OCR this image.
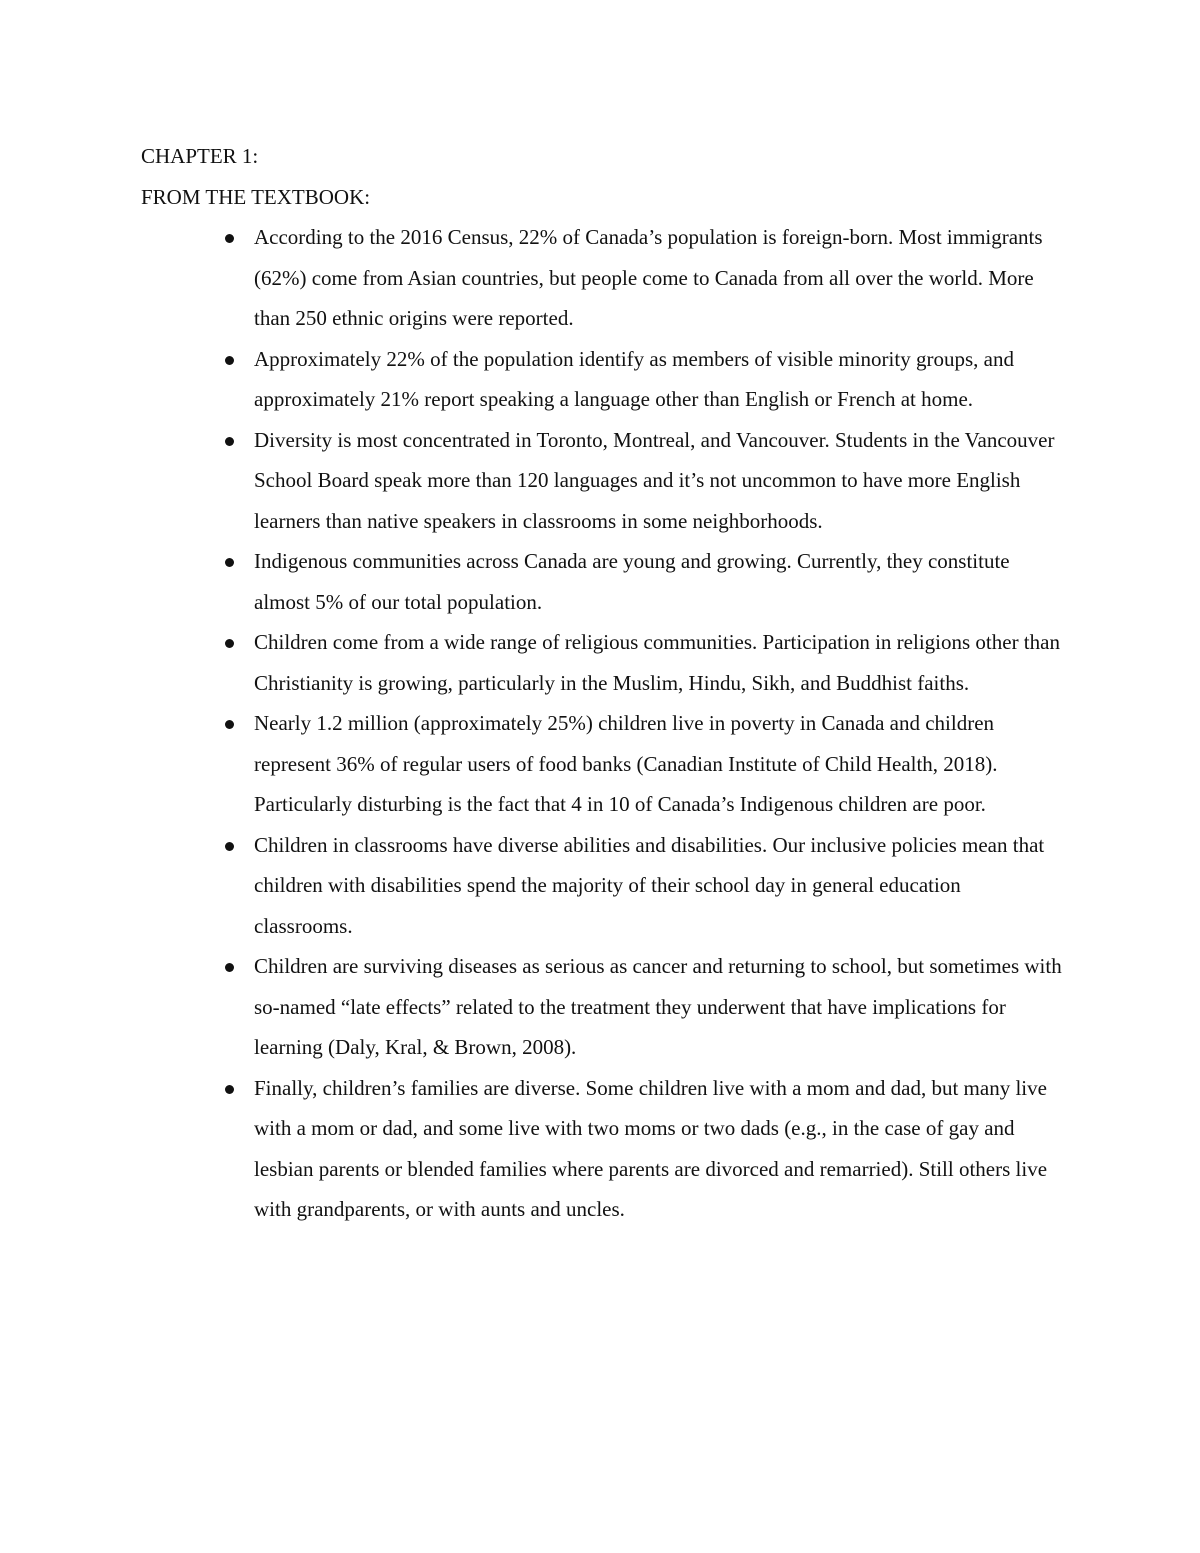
CHAPTER 1:

FROM THE TEXTBOOK:

According to the 2016 Census, 22% of Canada’s population is foreign-born. Most immigrants (62%) come from Asian countries, but people come to Canada from all over the world. More than 250 ethnic origins were reported.
Approximately 22% of the population identify as members of visible minority groups, and approximately 21% report speaking a language other than English or French at home.
Diversity is most concentrated in Toronto, Montreal, and Vancouver. Students in the Vancouver School Board speak more than 120 languages and it’s not uncommon to have more English learners than native speakers in classrooms in some neighborhoods.
Indigenous communities across Canada are young and growing. Currently, they constitute almost 5% of our total population.
Children come from a wide range of religious communities. Participation in religions other than Christianity is growing, particularly in the Muslim, Hindu, Sikh, and Buddhist faiths.
Nearly 1.2 million (approximately 25%) children live in poverty in Canada and children represent 36% of regular users of food banks (Canadian Institute of Child Health, 2018). Particularly disturbing is the fact that 4 in 10 of Canada’s Indigenous children are poor.
Children in classrooms have diverse abilities and disabilities. Our inclusive policies mean that children with disabilities spend the majority of their school day in general education classrooms.
Children are surviving diseases as serious as cancer and returning to school, but sometimes with so-named “late effects” related to the treatment they underwent that have implications for learning (Daly, Kral, & Brown, 2008).
Finally, children’s families are diverse. Some children live with a mom and dad, but many live with a mom or dad, and some live with two moms or two dads (e.g., in the case of gay and lesbian parents or blended families where parents are divorced and remarried). Still others live with grandparents, or with aunts and uncles.
